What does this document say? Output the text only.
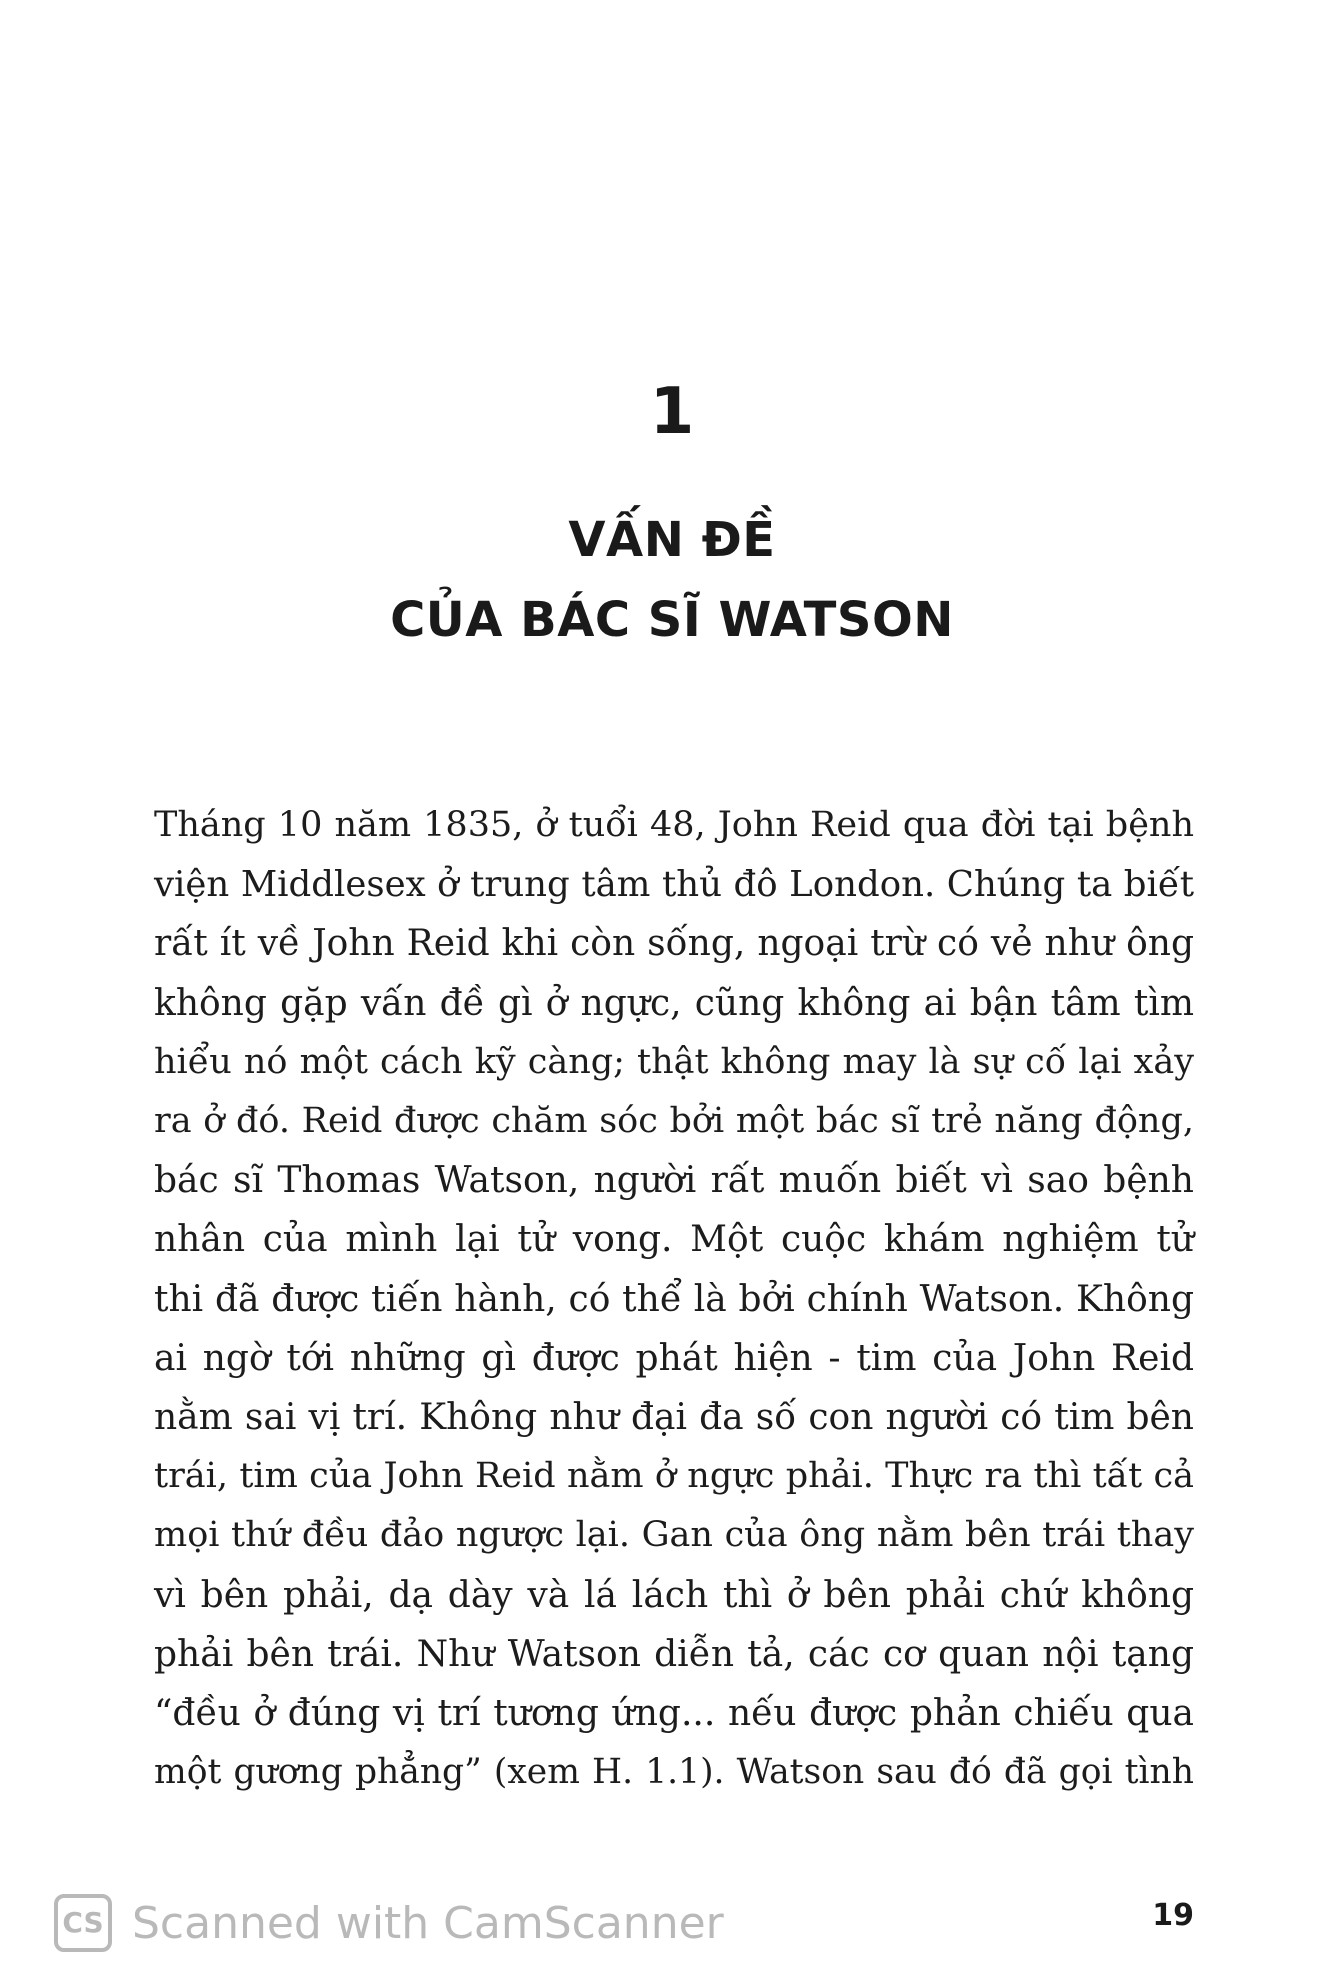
1
VẤN ĐỀ
CỦA BÁC SĨ WATSON

Tháng 10 năm 1835, ở tuổi 48, John Reid qua đời tại bệnh
viện Middlesex ở trung tâm thủ đô London. Chúng ta biết
rất ít về John Reid khi còn sống, ngoại trừ có vẻ như ông
không gặp vấn đề gì ở ngực, cũng không ai bận tâm tìm
hiểu nó một cách kỹ càng; thật không may là sự cố lại xảy
ra ở đó. Reid được chăm sóc bởi một bác sĩ trẻ năng động,
bác sĩ Thomas Watson, người rất muốn biết vì sao bệnh
nhân của mình lại tử vong. Một cuộc khám nghiệm tử
thi đã được tiến hành, có thể là bởi chính Watson. Không
ai ngờ tới những gì được phát hiện - tim của John Reid
nằm sai vị trí. Không như đại đa số con người có tim bên
trái, tim của John Reid nằm ở ngực phải. Thực ra thì tất cả
mọi thứ đều đảo ngược lại. Gan của ông nằm bên trái thay
vì bên phải, dạ dày và lá lách thì ở bên phải chứ không
phải bên trái. Như Watson diễn tả, các cơ quan nội tạng
“đều ở đúng vị trí tương ứng... nếu được phản chiếu qua
một gương phẳng” (xem H. 1.1). Watson sau đó đã gọi tình

CS Scanned with CamScanner	19
